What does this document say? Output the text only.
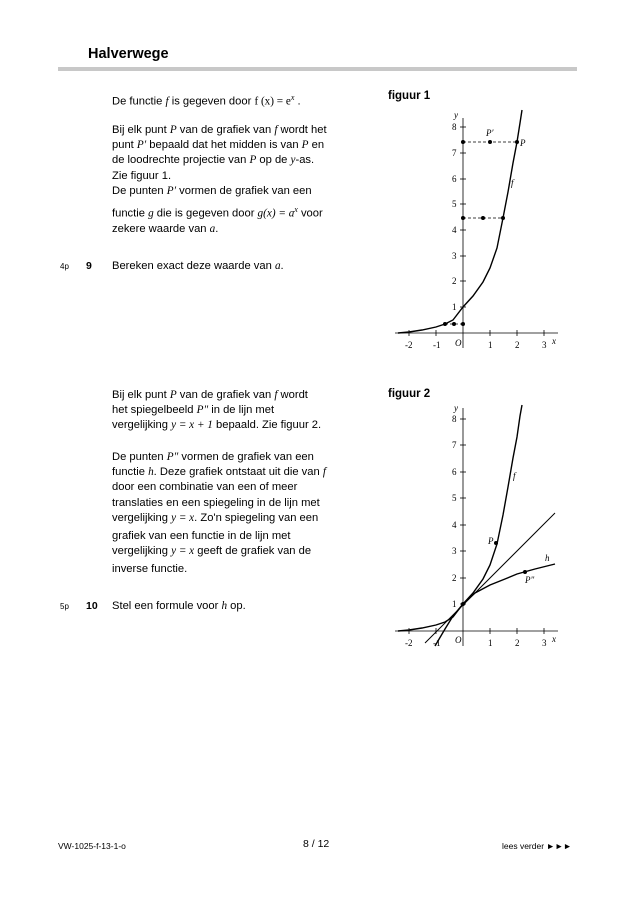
Halverwege
De functie f is gegeven door f $(x) = e^x$ .
Bij elk punt P van de grafiek van f wordt het
punt P′ bepaald dat het midden is van P en
de loodrechte projectie van P op de y-as.
Zie figuur 1.
De punten P′ vormen de grafiek van een
functie g die is gegeven door $g(x) = a^x$ voor
zekere waarde van a.
figuur 1
4p 9 Bereken exact deze waarde van a.
-2 -1	1	2	3
O	x
y
1
2
3
4
5
6
7
8
P
P′
f
Bij elk punt P van de grafiek van f wordt
het spiegelbeeld P" in de lijn met
vergelijking y = x + 1 bepaald. Zie figuur 2.
De punten P" vormen de grafiek van een
functie h. Deze grafiek ontstaat uit die van f
door een combinatie van een of meer
translaties en een spiegeling in de lijn met
vergelijking y = x. Zo'n spiegeling van een
grafiek van een functie in de lijn met
vergelijking y = x geeft de grafiek van de
inverse functie.
figuur 2
5p 10 Stel een formule voor h op.
-2 -1	1	2	3
O	x
y
1
2
3
4
5
6
7
8
P
P"
f
h
VW-1025-f-13-1-o	8 / 12	lees verder ►►►
